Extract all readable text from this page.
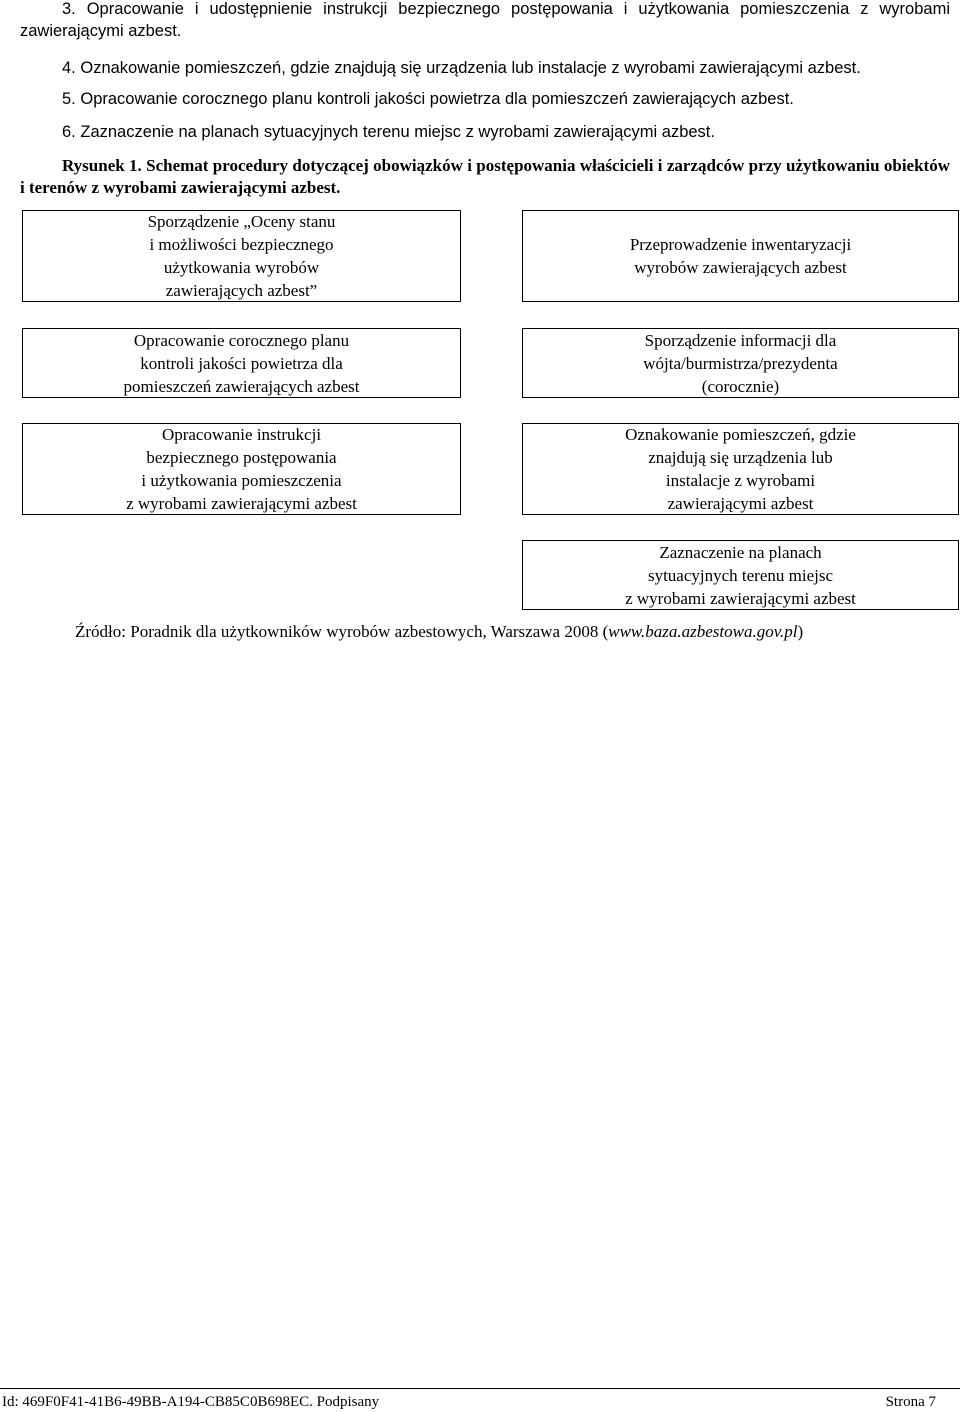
3. Opracowanie i udostępnienie instrukcji bezpiecznego postępowania i użytkowania pomieszczenia z wyrobami zawierającymi azbest.
4. Oznakowanie pomieszczeń, gdzie znajdują się urządzenia lub instalacje z wyrobami zawierającymi azbest.
5. Opracowanie corocznego planu kontroli jakości powietrza dla pomieszczeń zawierających azbest.
6. Zaznaczenie na planach sytuacyjnych terenu miejsc z wyrobami zawierającymi azbest.
Rysunek 1. Schemat procedury dotyczącej obowiązków i postępowania właścicieli i zarządców przy użytkowaniu obiektów i terenów z wyrobami zawierającymi azbest.
Sporządzenie „Oceny stanu
i możliwości bezpiecznego
użytkowania wyrobów
zawierających azbest”
Opracowanie corocznego planu
kontroli jakości powietrza dla
pomieszczeń zawierających azbest
Opracowanie instrukcji
bezpiecznego postępowania
i użytkowania pomieszczenia
z wyrobami zawierającymi azbest
Przeprowadzenie inwentaryzacji
wyrobów zawierających azbest
Sporządzenie informacji dla
wójta/burmistrza/prezydenta
(corocznie)
Oznakowanie pomieszczeń, gdzie
znajdują się urządzenia lub
instalacje z wyrobami
zawierającymi azbest
Zaznaczenie na planach
sytuacyjnych terenu miejsc
z wyrobami zawierającymi azbest
Źródło: Poradnik dla użytkowników wyrobów azbestowych, Warszawa 2008 (www.baza.azbestowa.gov.pl)
Id: 469F0F41-41B6-49BB-A194-CB85C0B698EC. Podpisany	Strona 7
